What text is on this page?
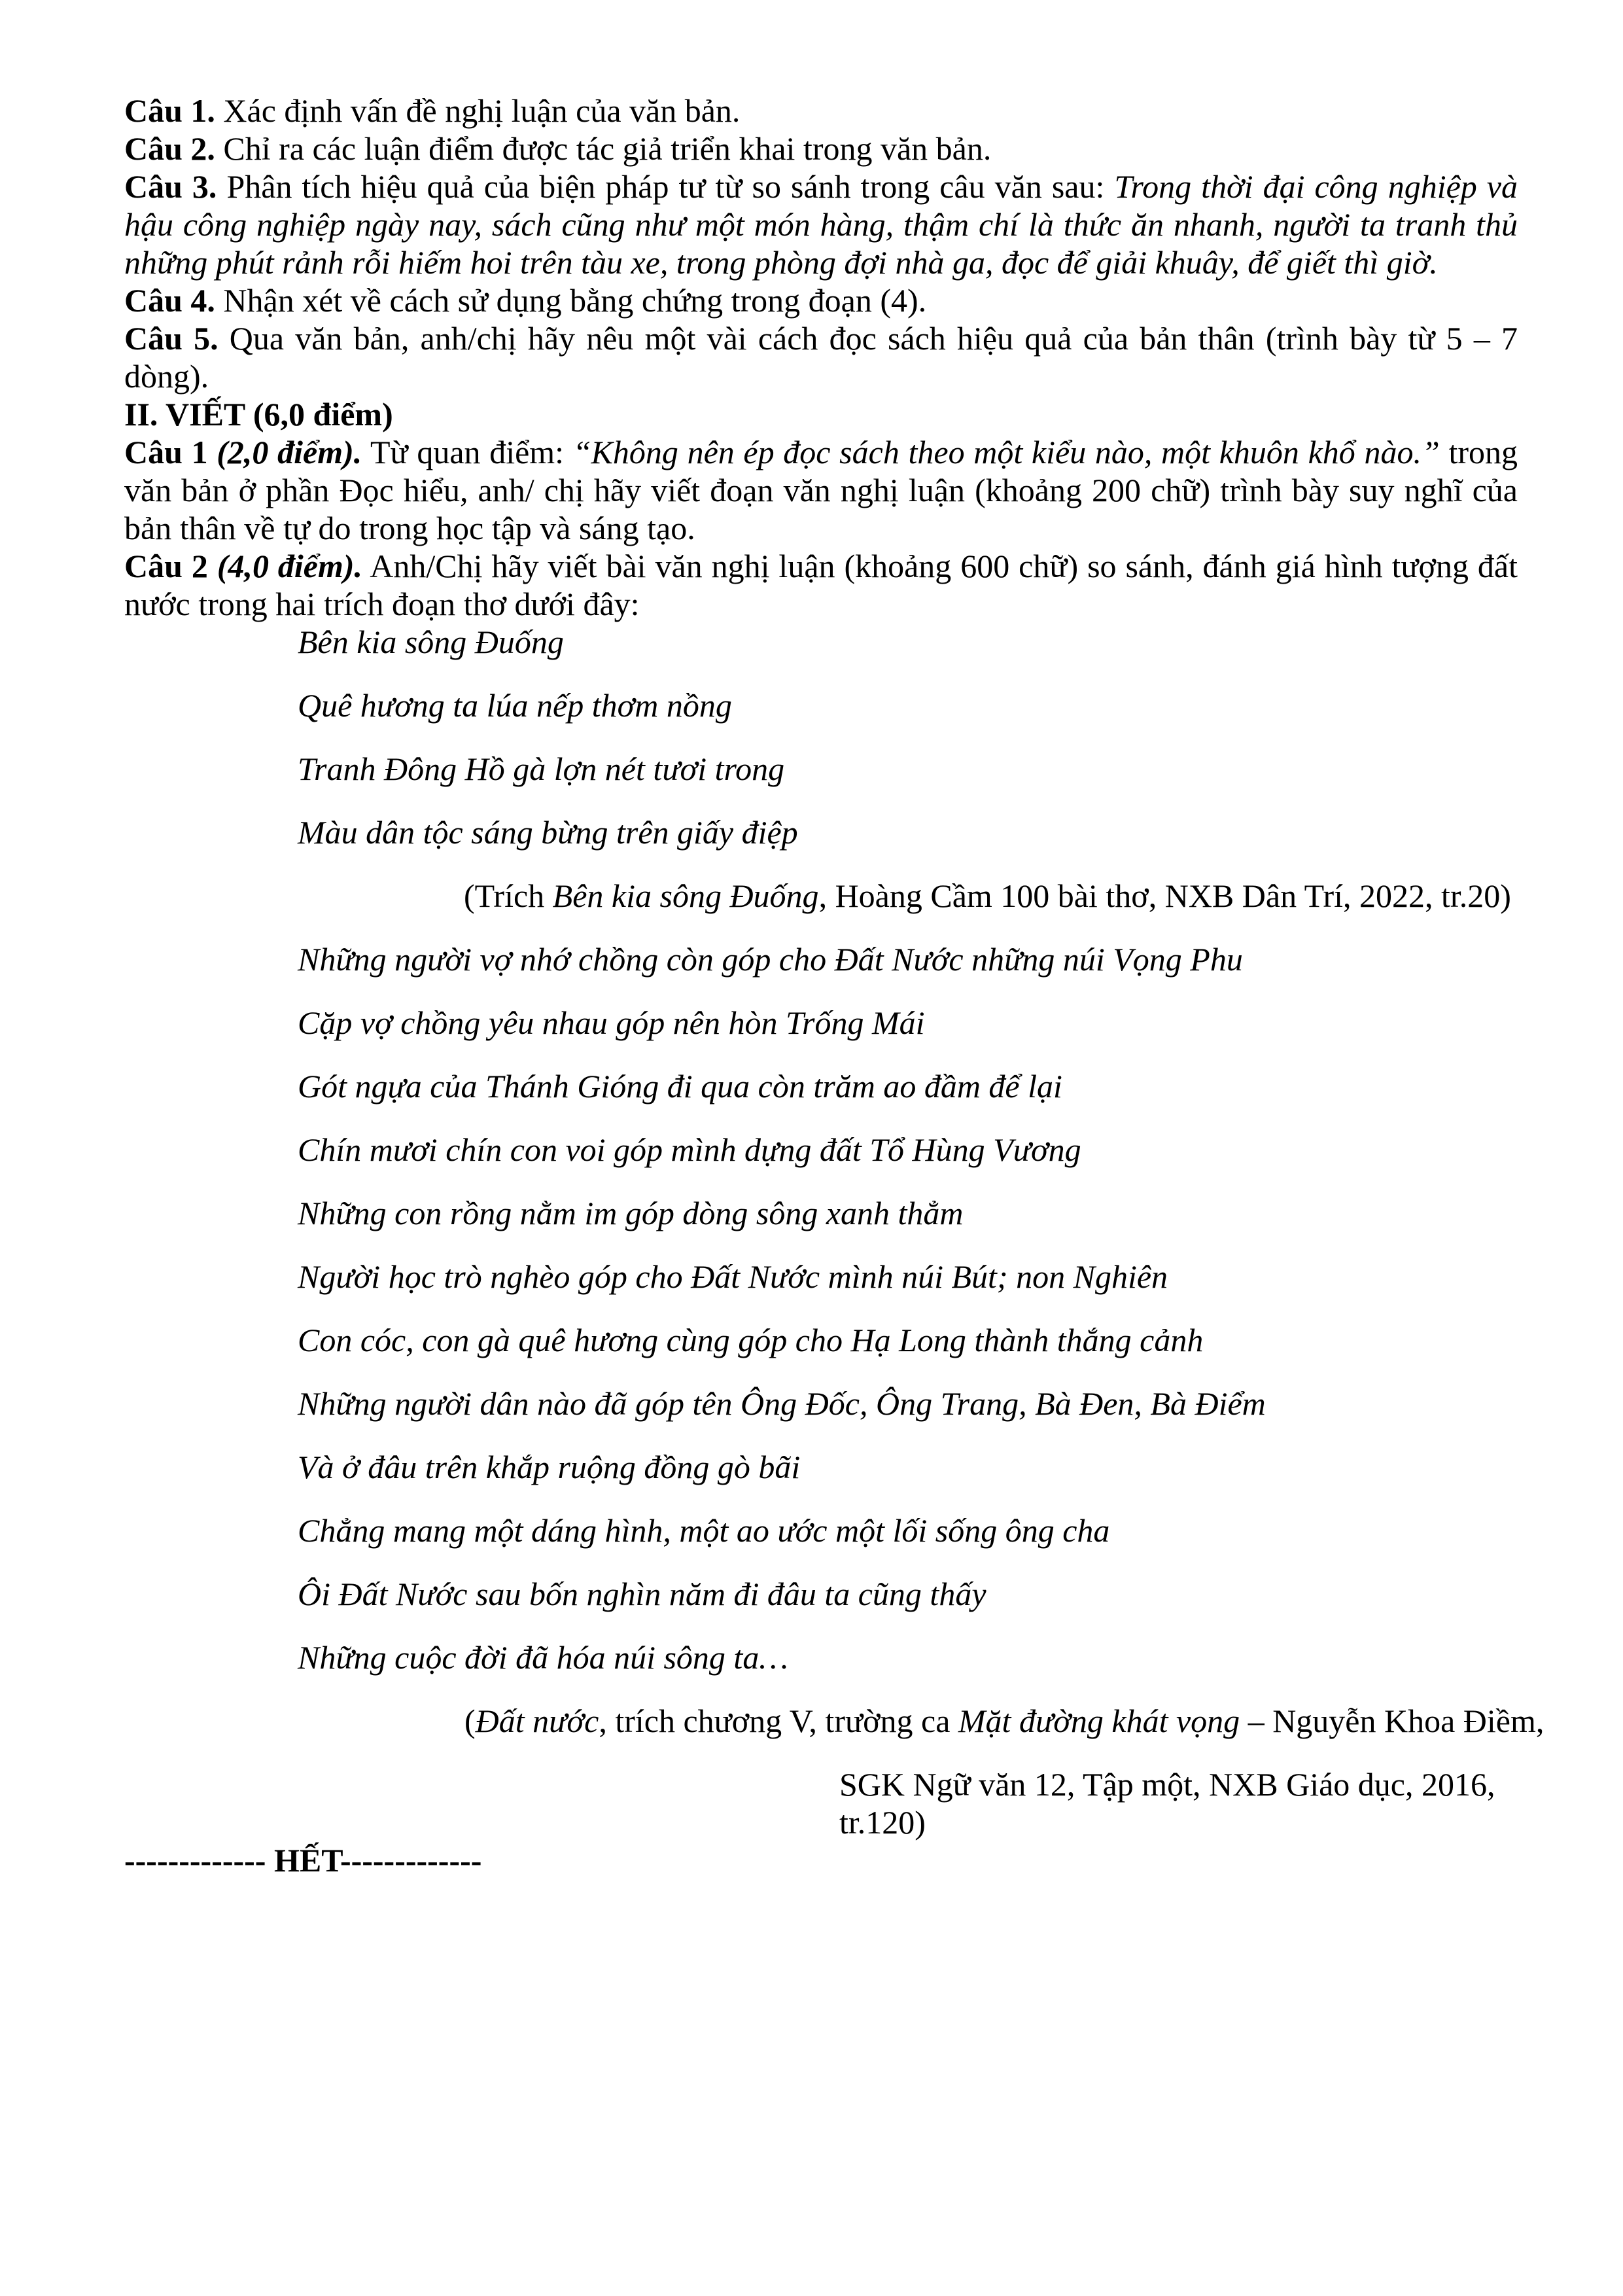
Câu 1. Xác định vấn đề nghị luận của văn bản.

Câu 2. Chỉ ra các luận điểm được tác giả triển khai trong văn bản.

Câu 3. Phân tích hiệu quả của biện pháp tư từ so sánh trong câu văn sau: Trong thời đại công nghiệp và hậu công nghiệp ngày nay, sách cũng như một món hàng, thậm chí là thức ăn nhanh, người ta tranh thủ những phút rảnh rỗi hiếm hoi trên tàu xe, trong phòng đợi nhà ga, đọc để giải khuây, để giết thì giờ.

Câu 4. Nhận xét về cách sử dụng bằng chứng trong đoạn (4).

Câu 5. Qua văn bản, anh/chị hãy nêu một vài cách đọc sách hiệu quả của bản thân (trình bày từ 5 – 7 dòng).

II. VIẾT (6,0 điểm)

Câu 1 (2,0 điểm). Từ quan điểm: “Không nên ép đọc sách theo một kiểu nào, một khuôn khổ nào.” trong văn bản ở phần Đọc hiểu, anh/ chị hãy viết đoạn văn nghị luận (khoảng 200 chữ) trình bày suy nghĩ của bản thân về tự do trong học tập và sáng tạo.

Câu 2 (4,0 điểm). Anh/Chị hãy viết bài văn nghị luận (khoảng 600 chữ) so sánh, đánh giá hình tượng đất nước trong hai trích đoạn thơ dưới đây:

Bên kia sông Đuống
Quê hương ta lúa nếp thơm nồng
Tranh Đông Hồ gà lợn nét tươi trong
Màu dân tộc sáng bừng trên giấy điệp
(Trích Bên kia sông Đuống, Hoàng Cầm 100 bài thơ, NXB Dân Trí, 2022, tr.20)
Những người vợ nhớ chồng còn góp cho Đất Nước những núi Vọng Phu
Cặp vợ chồng yêu nhau góp nên hòn Trống Mái
Gót ngựa của Thánh Gióng đi qua còn trăm ao đầm để lại
Chín mươi chín con voi góp mình dựng đất Tổ Hùng Vương
Những con rồng nằm im góp dòng sông xanh thẳm
Người học trò nghèo góp cho Đất Nước mình núi Bút; non Nghiên
Con cóc, con gà quê hương cùng góp cho Hạ Long thành thắng cảnh
Những người dân nào đã góp tên Ông Đốc, Ông Trang, Bà Đen, Bà Điểm
Và ở đâu trên khắp ruộng đồng gò bãi
Chẳng mang một dáng hình, một ao ước một lối sống ông cha
Ôi Đất Nước sau bốn nghìn năm đi đâu ta cũng thấy
Những cuộc đời đã hóa núi sông ta…
(Đất nước, trích chương V, trường ca Mặt đường khát vọng – Nguyễn Khoa Điềm,
SGK Ngữ văn 12, Tập một, NXB Giáo dục, 2016, tr.120)

------------- HẾT-------------
